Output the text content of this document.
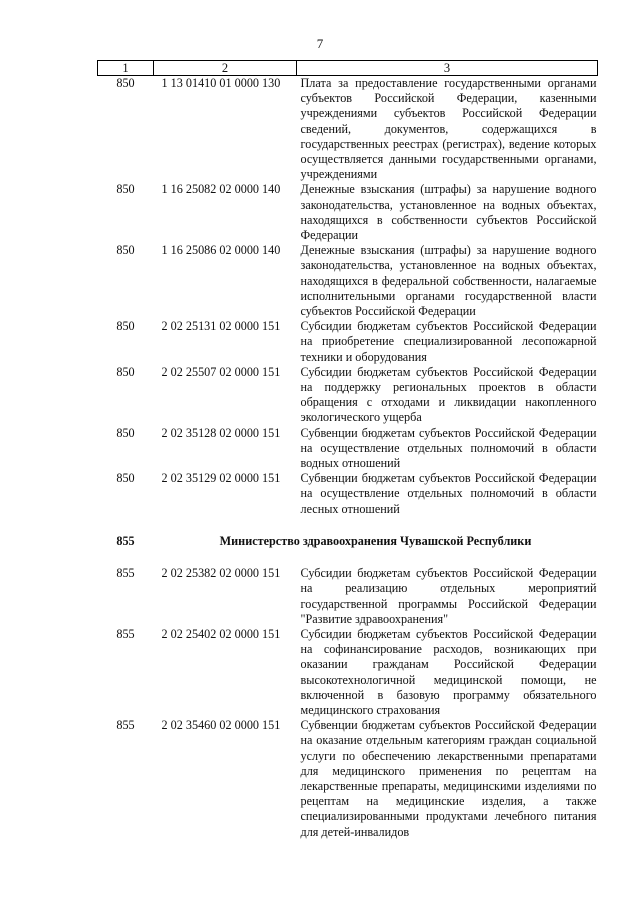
7
1	2	3
850	1 13 01410 01 0000 130	Плата за предоставление государственными органами субъектов Российской Федерации, казенными учреждениями субъектов Российской Федерации сведений, документов, содержащихся в государственных реестрах (регистрах), ведение которых осуществляется данными государственными органами, учреждениями
850	1 16 25082 02 0000 140	Денежные взыскания (штрафы) за нарушение водного законодательства, установленное на водных объектах, находящихся в собственности субъектов Российской Федерации
850	1 16 25086 02 0000 140	Денежные взыскания (штрафы) за нарушение водного законодательства, установленное на водных объектах, находящихся в федеральной собственности, налагаемые исполнительными органами государственной власти субъектов Российской Федерации
850	2 02 25131 02 0000 151	Субсидии бюджетам субъектов Российской Федерации на приобретение специализированной лесопожарной техники и оборудования
850	2 02 25507 02 0000 151	Субсидии бюджетам субъектов Российской Федерации на поддержку региональных проектов в области обращения с отходами и ликвидации накопленного экологического ущерба
850	2 02 35128 02 0000 151	Субвенции бюджетам субъектов Российской Федерации на осуществление отдельных полномочий в области водных отношений
850	2 02 35129 02 0000 151	Субвенции бюджетам субъектов Российской Федерации на осуществление отдельных полномочий в области лесных отношений
855	Министерство здравоохранения Чувашской Республики	
855	2 02 25382 02 0000 151	Субсидии бюджетам субъектов Российской Федерации на реализацию отдельных мероприятий государственной программы Российской Федерации "Развитие здравоохранения"
855	2 02 25402 02 0000 151	Субсидии бюджетам субъектов Российской Федерации на софинансирование расходов, возникающих при оказании гражданам Российской Федерации высокотехнологичной медицинской помощи, не включенной в базовую программу обязательного медицинского страхования
855	2 02 35460 02 0000 151	Субвенции бюджетам субъектов Российской Федерации на оказание отдельным категориям граждан социальной услуги по обеспечению лекарственными препаратами для медицинского применения по рецептам на лекарственные препараты, медицинскими изделиями по рецептам на медицинские изделия, а также специализированными продуктами лечебного питания для детей-инвалидов
